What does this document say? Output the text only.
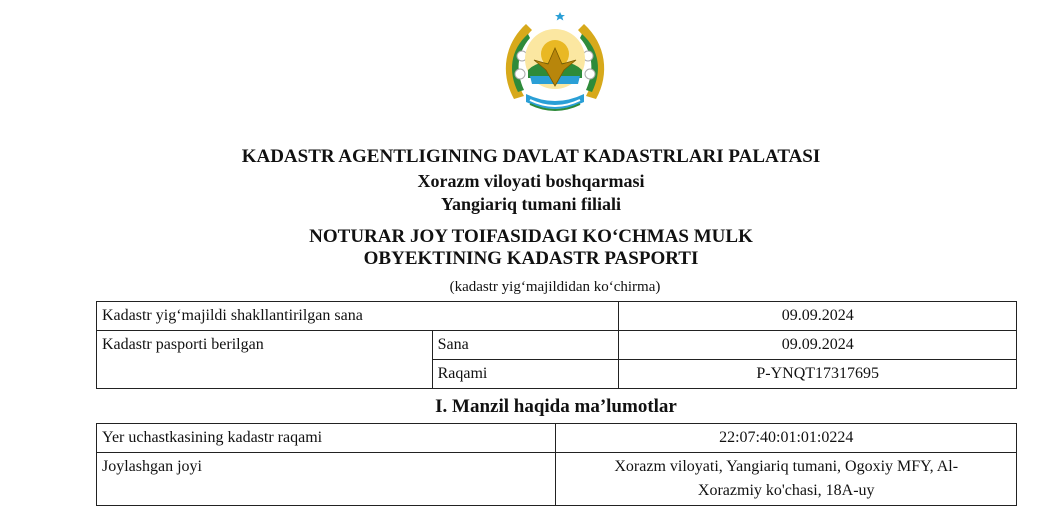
KADASTR AGENTLIGINING DAVLAT KADASTRLARI PALATASI
Xorazm viloyati boshqarmasi
Yangiariq tumani filiali
NOTURAR JOY TOIFASIDAGI KO‘CHMAS MULK
OBYEKTINING KADASTR PASPORTI
(kadastr yig‘majildidan ko‘chirma)
Kadastr yig‘majildi shakllantirilgan sana		09.09.2024
Kadastr pasporti berilgan	Sana	09.09.2024
	Raqami	P-YNQT17317695
I. Manzil haqida ma’lumotlar
Yer uchastkasining kadastr raqami	22:07:40:01:01:0224
Joylashgan joyi	Xorazm viloyati, Yangiariq tumani, Ogoxiy MFY, Al-
Xorazmiy ko'chasi, 18A-uy
